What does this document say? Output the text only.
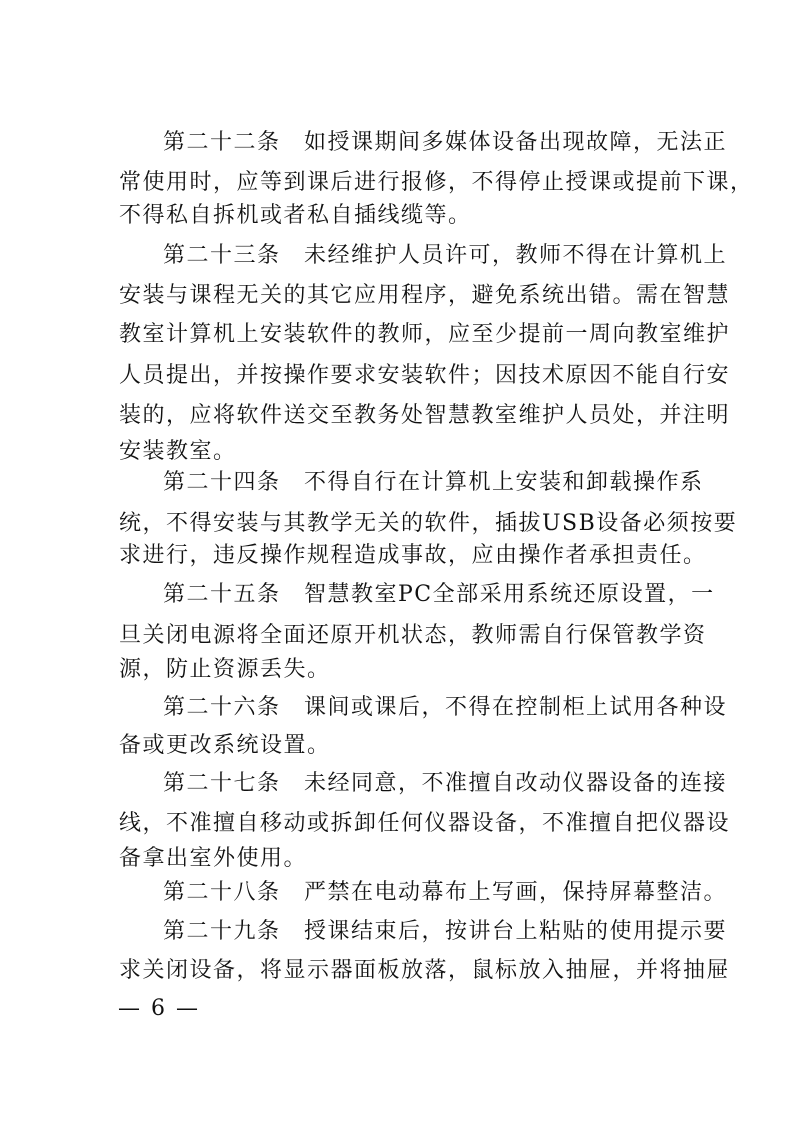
第二十二条　如授课期间多媒体设备出现故障，无法正
常使用时，应等到课后进行报修，不得停止授课或提前下课，
不得私自拆机或者私自插线缆等。
第二十三条　未经维护人员许可，教师不得在计算机上
安装与课程无关的其它应用程序，避免系统出错。需在智慧
教室计算机上安装软件的教师，应至少提前一周向教室维护
人员提出，并按操作要求安装软件；因技术原因不能自行安
装的，应将软件送交至教务处智慧教室维护人员处，并注明
安装教室。
第二十四条　不得自行在计算机上安装和卸载操作系
统，不得安装与其教学无关的软件，插拔USB设备必须按要
求进行，违反操作规程造成事故，应由操作者承担责任。
第二十五条　智慧教室PC全部采用系统还原设置，一
旦关闭电源将全面还原开机状态，教师需自行保管教学资
源，防止资源丢失。
第二十六条　课间或课后，不得在控制柜上试用各种设
备或更改系统设置。
第二十七条　未经同意，不准擅自改动仪器设备的连接
线，不准擅自移动或拆卸任何仪器设备，不准擅自把仪器设
备拿出室外使用。
第二十八条　严禁在电动幕布上写画，保持屏幕整洁。
第二十九条　授课结束后，按讲台上粘贴的使用提示要
求关闭设备，将显示器面板放落，鼠标放入抽屉，并将抽屉
— 6 —
